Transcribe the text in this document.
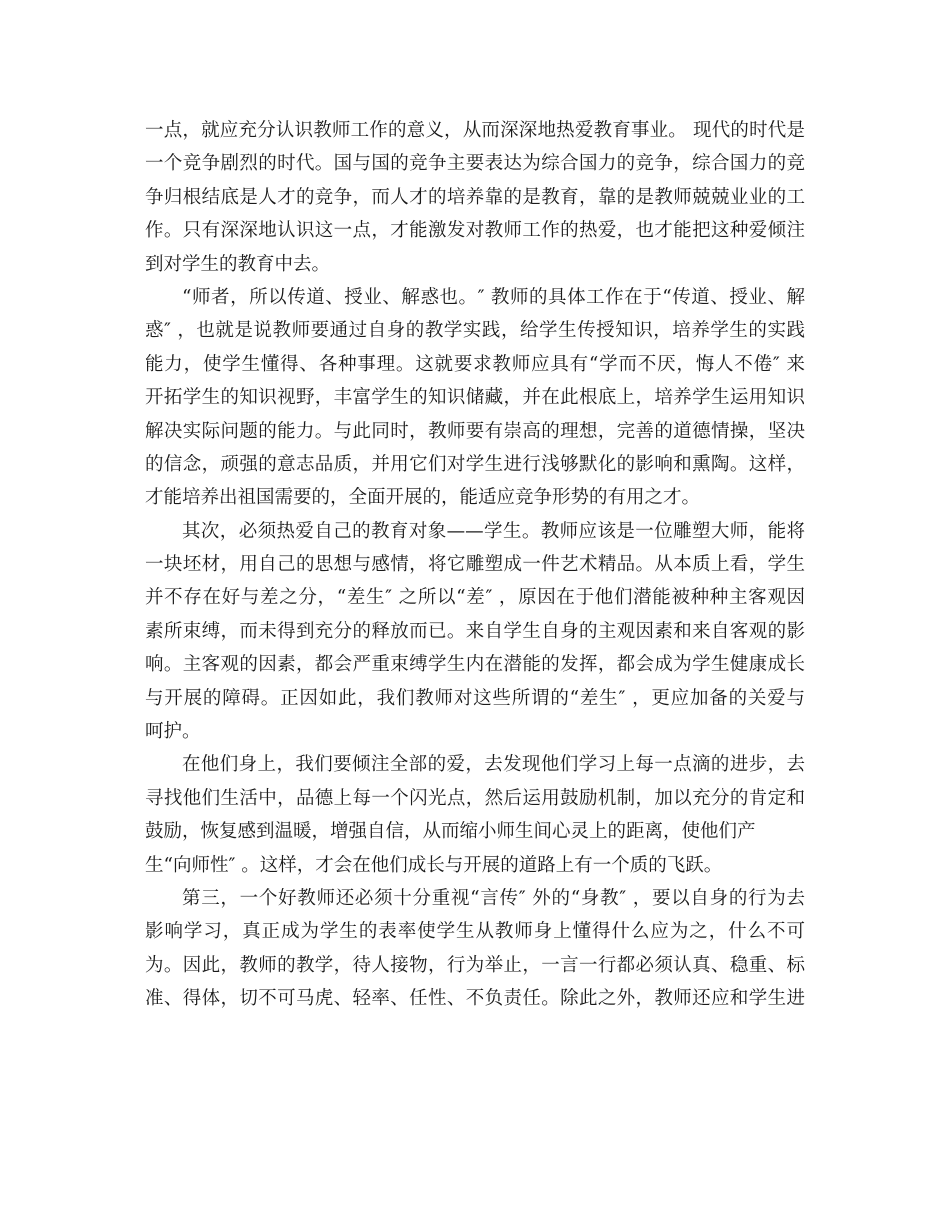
一点，就应充分认识教师工作的意义，从而深深地热爱教育事业。 现代的时代是
一个竞争剧烈的时代。国与国的竞争主要表达为综合国力的竞争，综合国力的竞
争归根结底是人才的竞争，而人才的培养靠的是教育，靠的是教师兢兢业业的工
作。只有深深地认识这一点，才能激发对教师工作的热爱，也才能把这种爱倾注
到对学生的教育中去。
“师者，所以传道、授业、解惑也。″ 教师的具体工作在于“传道、授业、解
惑″ ，也就是说教师要通过自身的教学实践，给学生传授知识，培养学生的实践
能力，使学生懂得、各种事理。这就要求教师应具有“学而不厌，悔人不倦″ 来
开拓学生的知识视野，丰富学生的知识储藏，并在此根底上，培养学生运用知识
解决实际问题的能力。与此同时，教师要有崇高的理想，完善的道德情操，坚决
的信念，顽强的意志品质，并用它们对学生进行浅够默化的影响和熏陶。这样，
才能培养出祖国需要的，全面开展的，能适应竞争形势的有用之才。
其次，必须热爱自己的教育对象——学生。教师应该是一位雕塑大师，能将
一块坯材，用自己的思想与感情，将它雕塑成一件艺术精品。从本质上看，学生
并不存在好与差之分，“差生″ 之所以“差″ ，原因在于他们潜能被种种主客观因
素所束缚，而未得到充分的释放而已。来自学生自身的主观因素和来自客观的影
响。主客观的因素，都会严重束缚学生内在潜能的发挥，都会成为学生健康成长
与开展的障碍。正因如此，我们教师对这些所谓的“差生″ ，更应加备的关爱与
呵护。
在他们身上，我们要倾注全部的爱，去发现他们学习上每一点滴的进步，去
寻找他们生活中，品德上每一个闪光点，然后运用鼓励机制，加以充分的肯定和
鼓励，恢复感到温暖，增强自信，从而缩小师生间心灵上的距离，使他们产
生“向师性″ 。这样，才会在他们成长与开展的道路上有一个质的飞跃。
第三，一个好教师还必须十分重视“言传″ 外的“身教″ ，要以自身的行为去
影响学习，真正成为学生的表率使学生从教师身上懂得什么应为之，什么不可
为。因此，教师的教学，待人接物，行为举止，一言一行都必须认真、稳重、标
准、得体，切不可马虎、轻率、任性、不负责任。除此之外，教师还应和学生进
